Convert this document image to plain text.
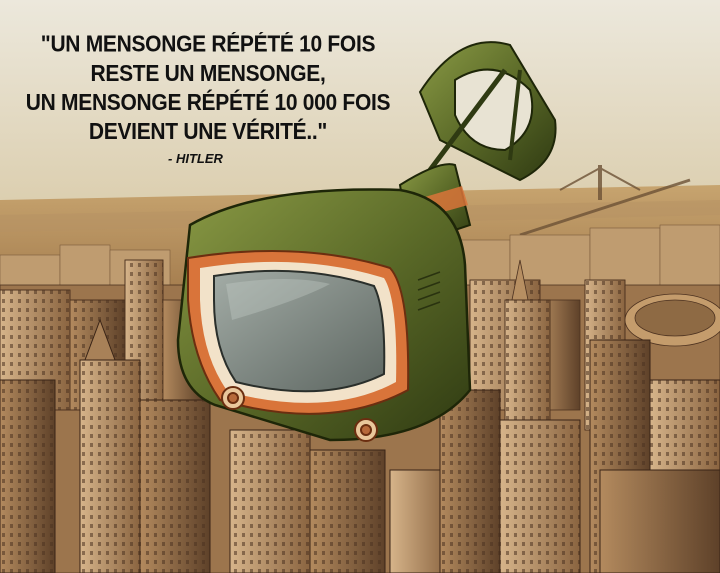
"UN MENSONGE RÉPÉTÉ 10 FOIS
RESTE UN MENSONGE,
UN MENSONGE RÉPÉTÉ 10 000 FOIS
DEVIENT UNE VÉRITÉ.."
- HITLER
